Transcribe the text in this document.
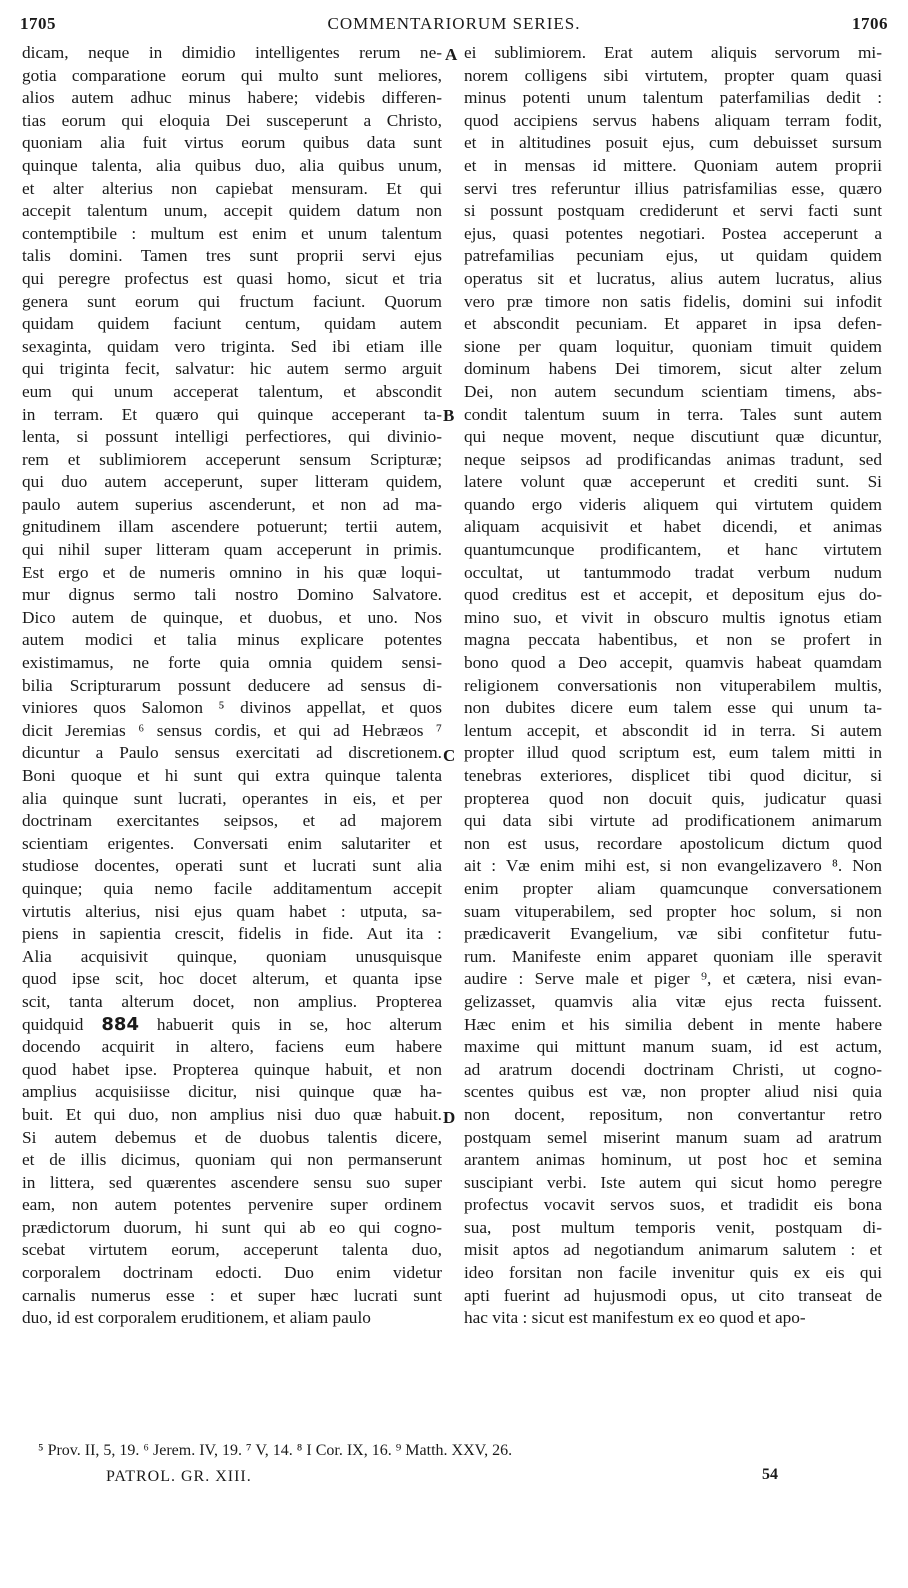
1705	COMMENTARIORUM SERIES.	1706
dicam, neque in dimidio intelligentes rerum ne-
gotia comparatione eorum qui multo sunt meliores,
alios autem adhuc minus habere; videbis differen-
tias eorum qui eloquia Dei susceperunt a Christo,
quoniam alia fuit virtus eorum quibus data sunt
quinque talenta, alia quibus duo, alia quibus unum,
et alter alterius non capiebat mensuram. Et qui
accepit talentum unum, accepit quidem datum non
contemptibile : multum est enim et unum talentum
talis domini. Tamen tres sunt proprii servi ejus
qui peregre profectus est quasi homo, sicut et tria
genera sunt eorum qui fructum faciunt. Quorum
quidam quidem faciunt centum, quidam autem
sexaginta, quidam vero triginta. Sed ibi etiam ille
qui triginta fecit, salvatur: hic autem sermo arguit
eum qui unum acceperat talentum, et abscondit
in terram. Et quæro qui quinque acceperant ta-
lenta, si possunt intelligi perfectiores, qui divinio-
rem et sublimiorem acceperunt sensum Scripturæ;
qui duo autem acceperunt, super litteram quidem,
paulo autem superius ascenderunt, et non ad ma-
gnitudinem illam ascendere potuerunt; tertii autem,
qui nihil super litteram quam acceperunt in primis.
Est ergo et de numeris omnino in his quæ loqui-
mur dignus sermo tali nostro Domino Salvatore.
Dico autem de quinque, et duobus, et uno. Nos
autem modici et talia minus explicare potentes
existimamus, ne forte quia omnia quidem sensi-
bilia Scripturarum possunt deducere ad sensus di-
viniores quos Salomon ⁵ divinos appellat, et quos
dicit Jeremias ⁶ sensus cordis, et qui ad Hebræos ⁷
dicuntur a Paulo sensus exercitati ad discretionem.
Boni quoque et hi sunt qui extra quinque talenta
alia quinque sunt lucrati, operantes in eis, et per
doctrinam exercitantes seipsos, et ad majorem
scientiam erigentes. Conversati enim salutariter et
studiose docentes, operati sunt et lucrati sunt alia
quinque; quia nemo facile additamentum accepit
virtutis alterius, nisi ejus quam habet : utputa, sa-
piens in sapientia crescit, fidelis in fide. Aut ita :
Alia acquisivit quinque, quoniam unusquisque
quod ipse scit, hoc docet alterum, et quanta ipse
scit, tanta alterum docet, non amplius. Propterea
quidquid 884 habuerit quis in se, hoc alterum
docendo acquirit in altero, faciens eum habere
quod habet ipse. Propterea quinque habuit, et non
amplius acquisiisse dicitur, nisi quinque quæ ha-
buit. Et qui duo, non amplius nisi duo quæ habuit.
Si autem debemus et de duobus talentis dicere,
et de illis dicimus, quoniam qui non permanserunt
in littera, sed quærentes ascendere sensu suo super
eam, non autem potentes pervenire super ordinem
prædictorum duorum, hi sunt qui ab eo qui cogno-
scebat virtutem eorum, acceperunt talenta duo,
corporalem doctrinam edocti. Duo enim videtur
carnalis numerus esse : et super hæc lucrati sunt
duo, id est corporalem eruditionem, et aliam paulo
ei sublimiorem. Erat autem aliquis servorum mi-
norem colligens sibi virtutem, propter quam quasi
minus potenti unum talentum paterfamilias dedit :
quod accipiens servus habens aliquam terram fodit,
et in altitudines posuit ejus, cum debuisset sursum
et in mensas id mittere. Quoniam autem proprii
servi tres referuntur illius patrisfamilias esse, quæro
si possunt postquam crediderunt et servi facti sunt
ejus, quasi potentes negotiari. Postea acceperunt a
patrefamilias pecuniam ejus, ut quidam quidem
operatus sit et lucratus, alius autem lucratus, alius
vero præ timore non satis fidelis, domini sui infodit
et abscondit pecuniam. Et apparet in ipsa defen-
sione per quam loquitur, quoniam timuit quidem
dominum habens Dei timorem, sicut alter zelum
Dei, non autem secundum scientiam timens, abs-
condit talentum suum in terra. Tales sunt autem
qui neque movent, neque discutiunt quæ dicuntur,
neque seipsos ad prodificandas animas tradunt, sed
latere volunt quæ acceperunt et crediti sunt. Si
quando ergo videris aliquem qui virtutem quidem
aliquam acquisivit et habet dicendi, et animas
quantumcunque prodificantem, et hanc virtutem
occultat, ut tantummodo tradat verbum nudum
quod creditus est et accepit, et depositum ejus do-
mino suo, et vivit in obscuro multis ignotus etiam
magna peccata habentibus, et non se profert in
bono quod a Deo accepit, quamvis habeat quamdam
religionem conversationis non vituperabilem multis,
non dubites dicere eum talem esse qui unum ta-
lentum accepit, et abscondit id in terra. Si autem
propter illud quod scriptum est, eum talem mitti in
tenebras exteriores, displicet tibi quod dicitur, si
propterea quod non docuit quis, judicatur quasi
qui data sibi virtute ad prodificationem animarum
non est usus, recordare apostolicum dictum quod
ait : Væ enim mihi est, si non evangelizavero ⁸. Non
enim propter aliam quamcunque conversationem
suam vituperabilem, sed propter hoc solum, si non
prædicaverit Evangelium, væ sibi confitetur futu-
rum. Manifeste enim apparet quoniam ille speravit
audire : Serve male et piger ⁹, et cætera, nisi evan-
gelizasset, quamvis alia vitæ ejus recta fuissent.
Hæc enim et his similia debent in mente habere
maxime qui mittunt manum suam, id est actum,
ad aratrum docendi doctrinam Christi, ut cogno-
scentes quibus est væ, non propter aliud nisi quia
non docent, repositum, non convertantur retro
postquam semel miserint manum suam ad aratrum
arantem animas hominum, ut post hoc et semina
suscipiant verbi. Iste autem qui sicut homo peregre
profectus vocavit servos suos, et tradidit eis bona
sua, post multum temporis venit, postquam di-
misit aptos ad negotiandum animarum salutem : et
ideo forsitan non facile invenitur quis ex eis qui
apti fuerint ad hujusmodi opus, ut cito transeat de
hac vita : sicut est manifestum ex eo quod et apo-
A
B
C
D
⁵ Prov. II, 5, 19. ⁶ Jerem. IV, 19. ⁷ V, 14. ⁸ I Cor. IX, 16. ⁹ Matth. XXV, 26.
PATROL. GR. XIII.	54
